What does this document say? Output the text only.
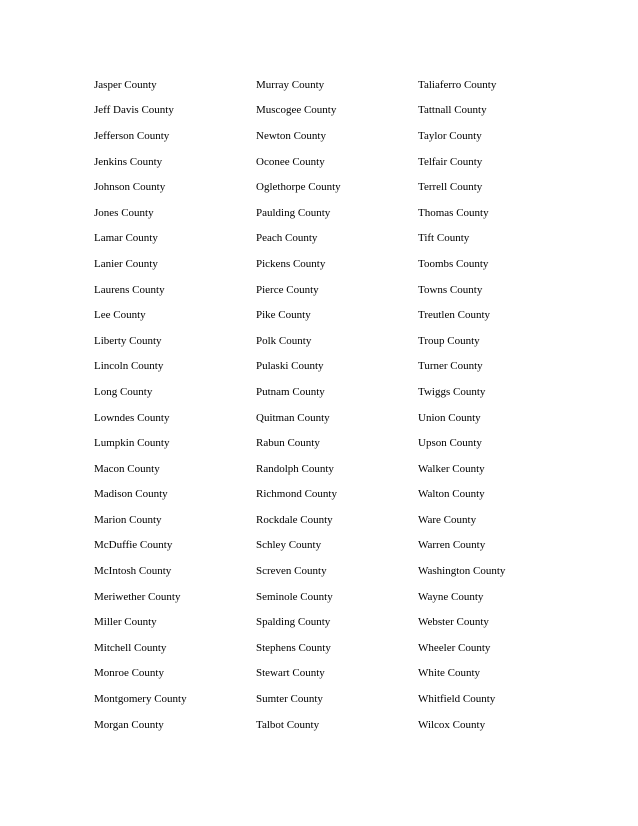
Jasper County	Murray County	Taliaferro County
Jeff Davis County	Muscogee County	Tattnall County
Jefferson County	Newton County	Taylor County
Jenkins County	Oconee County	Telfair County
Johnson County	Oglethorpe County	Terrell County
Jones County	Paulding County	Thomas County
Lamar County	Peach County	Tift County
Lanier County	Pickens County	Toombs County
Laurens County	Pierce County	Towns County
Lee County	Pike County	Treutlen County
Liberty County	Polk County	Troup County
Lincoln County	Pulaski County	Turner County
Long County	Putnam County	Twiggs County
Lowndes County	Quitman County	Union County
Lumpkin County	Rabun County	Upson County
Macon County	Randolph County	Walker County
Madison County	Richmond County	Walton County
Marion County	Rockdale County	Ware County
McDuffie County	Schley County	Warren County
McIntosh County	Screven County	Washington County
Meriwether County	Seminole County	Wayne County
Miller County	Spalding County	Webster County
Mitchell County	Stephens County	Wheeler County
Monroe County	Stewart County	White County
Montgomery County	Sumter County	Whitfield County
Morgan County	Talbot County	Wilcox County
